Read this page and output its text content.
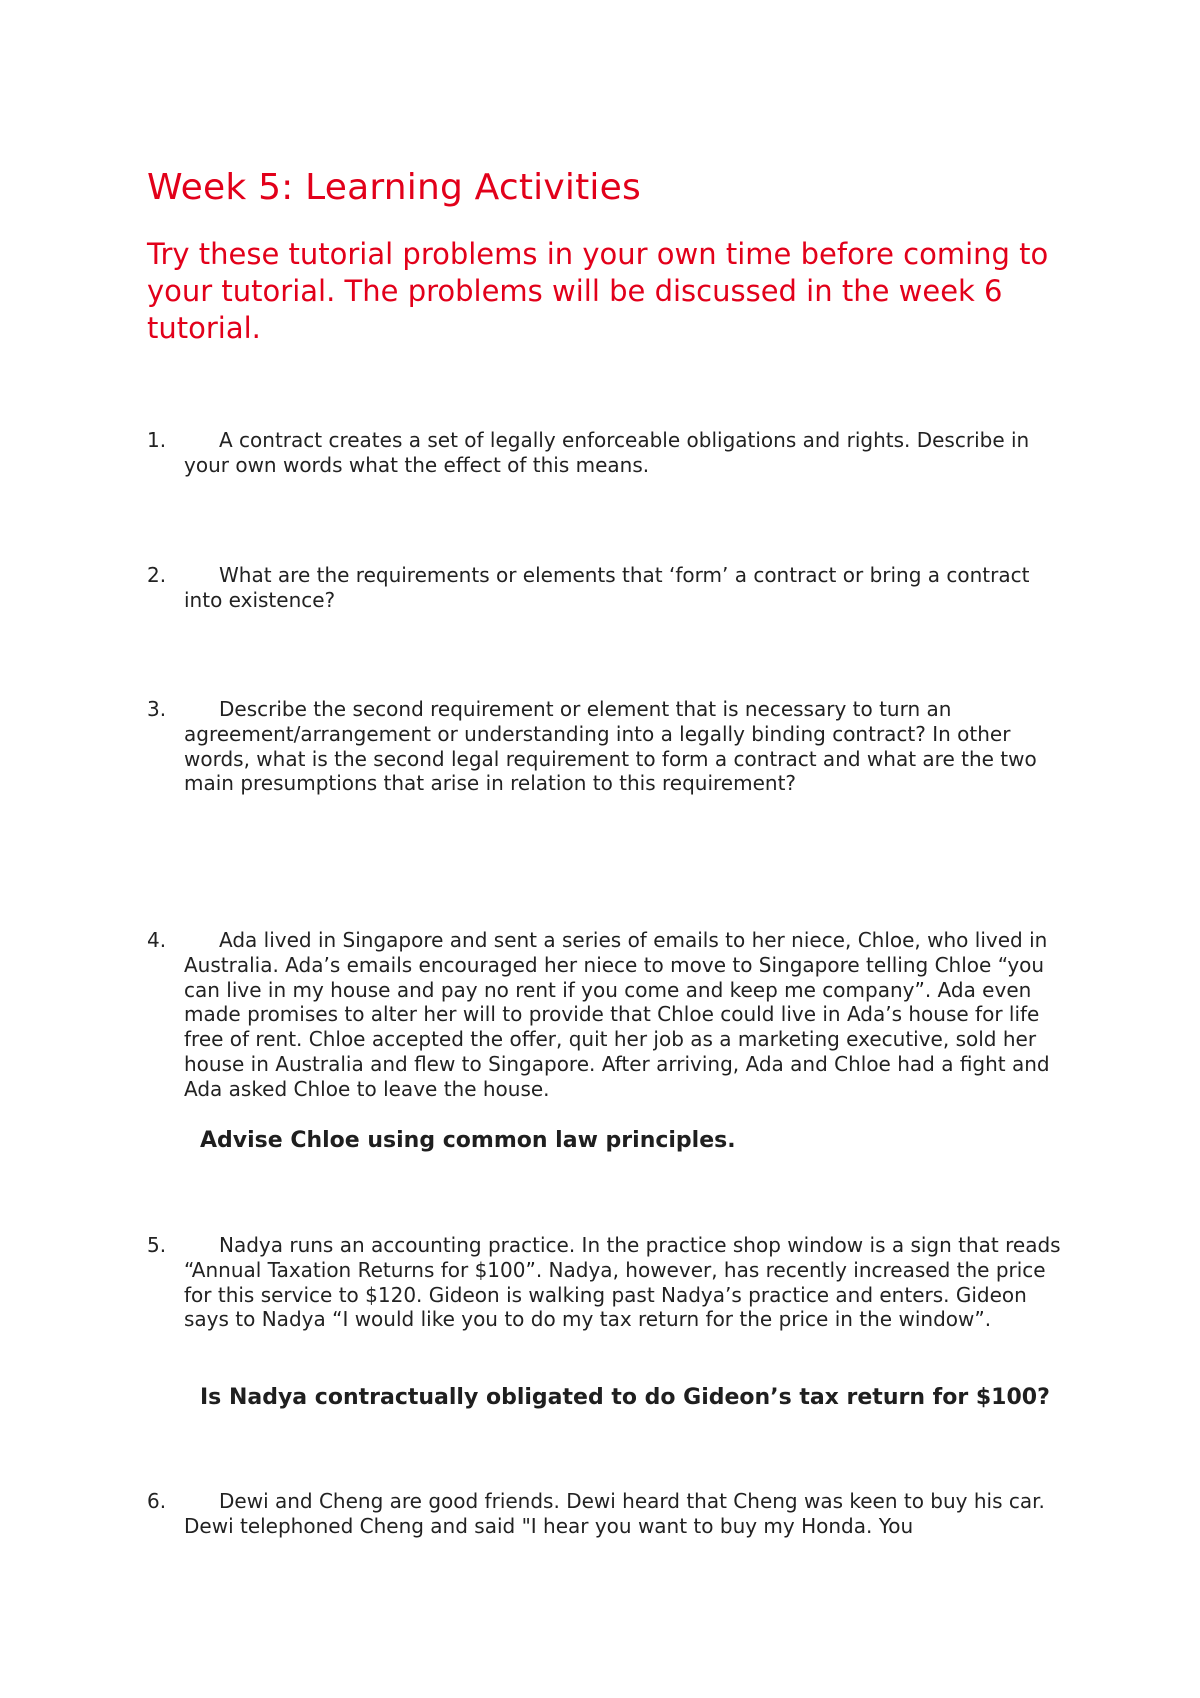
Week 5: Learning Activities

Try these tutorial problems in your own time before coming to your tutorial. The problems will be discussed in the week 6 tutorial.

1.	A contract creates a set of legally enforceable obligations and rights. Describe in your own words what the effect of this means.
2.	What are the requirements or elements that ‘form’ a contract or bring a contract into existence?
3.	Describe the second requirement or element that is necessary to turn an agreement/arrangement or understanding into a legally binding contract? In other words, what is the second legal requirement to form a contract and what are the two main presumptions that arise in relation to this requirement?
4.	Ada lived in Singapore and sent a series of emails to her niece, Chloe, who lived in Australia. Ada’s emails encouraged her niece to move to Singapore telling Chloe “you can live in my house and pay no rent if you come and keep me company”. Ada even made promises to alter her will to provide that Chloe could live in Ada’s house for life free of rent. Chloe accepted the offer, quit her job as a marketing executive, sold her house in Australia and flew to Singapore. After arriving, Ada and Chloe had a fight and Ada asked Chloe to leave the house.
Advise Chloe using common law principles.
5.	Nadya runs an accounting practice. In the practice shop window is a sign that reads “Annual Taxation Returns for $100”. Nadya, however, has recently increased the price for this service to $120. Gideon is walking past Nadya’s practice and enters. Gideon says to Nadya “I would like you to do my tax return for the price in the window”.
Is Nadya contractually obligated to do Gideon’s tax return for $100?
6.	Dewi and Cheng are good friends. Dewi heard that Cheng was keen to buy his car. Dewi telephoned Cheng and said "I hear you want to buy my Honda. You
